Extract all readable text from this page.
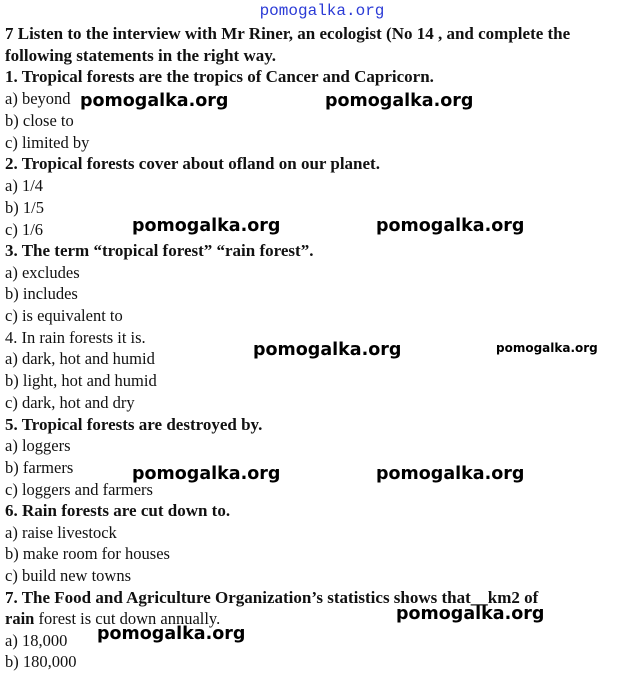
pomogalka.org
7 Listen to the interview with Mr Riner, an ecologist (No 14 , and complete the
following statements in the right way.
1. Tropical forests are the tropics of Cancer and Capricorn.
a) beyond
b) close to
c) limited by
2. Tropical forests cover about ofland on our planet.
a) 1/4
b) 1/5
c) 1/6
3. The term “tropical forest” “rain forest”.
a) excludes
b) includes
c) is equivalent to
4. In rain forests it is.
a) dark, hot and humid
b) light, hot and humid
c) dark, hot and dry
5. Tropical forests are destroyed by.
a) loggers
b) farmers
c) loggers and farmers
6. Rain forests are cut down to.
a) raise livestock
b) make room for houses
c) build new towns
7. The Food and Agriculture Organization’s statistics shows that__km2 of
rain forest is cut down annually.
a) 18,000
b) 180,000
pomogalka.org	pomogalka.org
pomogalka.org	pomogalka.org
pomogalka.org	pomogalka.org
pomogalka.org	pomogalka.org
pomogalka.org
pomogalka.org
